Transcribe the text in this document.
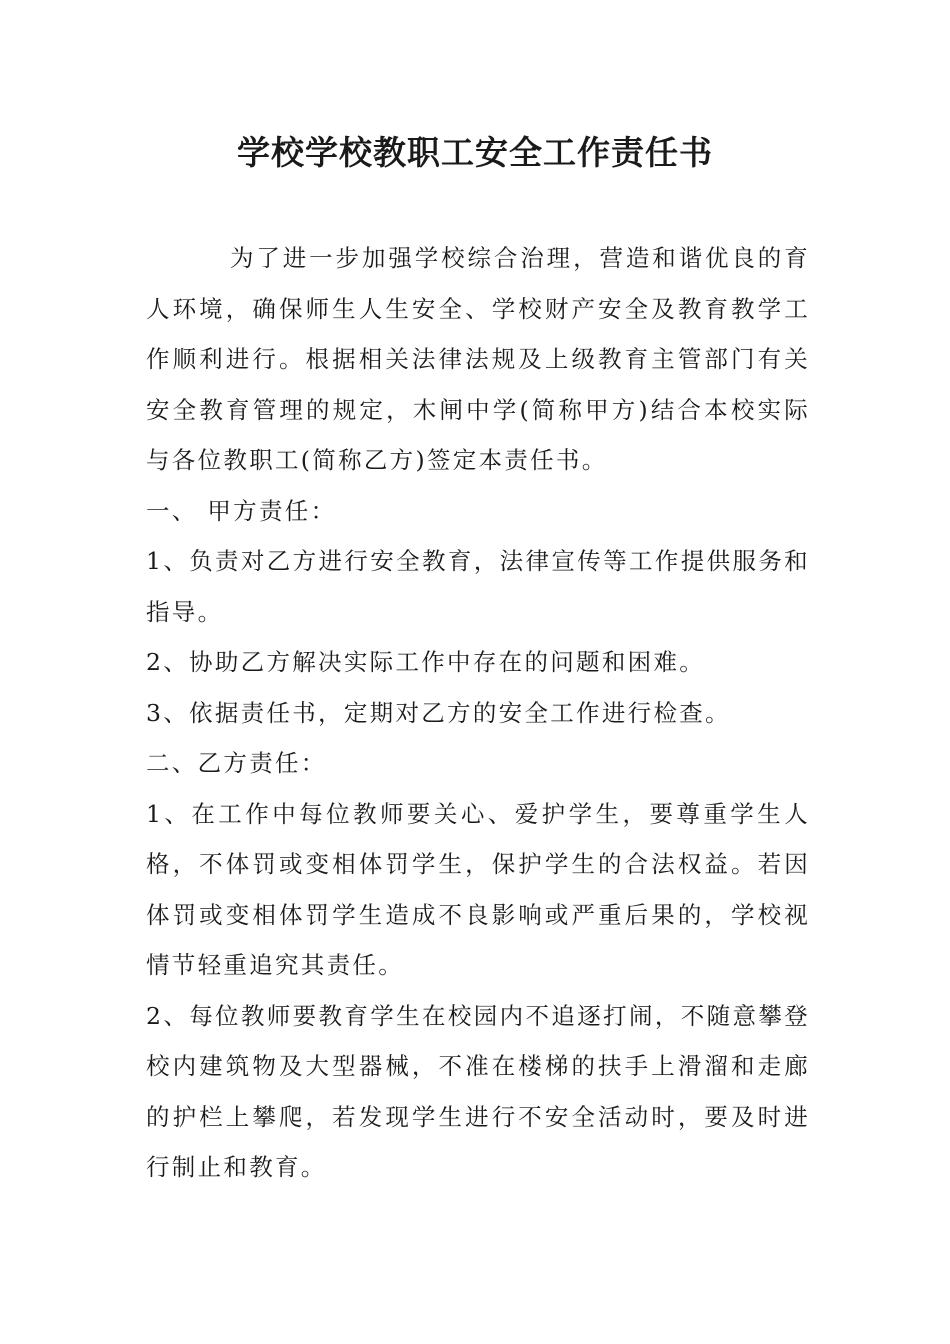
学校学校教职工安全工作责任书

为了进一步加强学校综合治理，营造和谐优良的育人环境，确保师生人生安全、学校财产安全及教育教学工作顺利进行。根据相关法律法规及上级教育主管部门有关安全教育管理的规定，木闸中学(简称甲方)结合本校实际与各位教职工(简称乙方)签定本责任书。

一、 甲方责任：

1、负责对乙方进行安全教育，法律宣传等工作提供服务和指导。

2、协助乙方解决实际工作中存在的问题和困难。

3、依据责任书，定期对乙方的安全工作进行检查。

二、乙方责任：

1、在工作中每位教师要关心、爱护学生，要尊重学生人格，不体罚或变相体罚学生，保护学生的合法权益。若因体罚或变相体罚学生造成不良影响或严重后果的，学校视情节轻重追究其责任。

2、每位教师要教育学生在校园内不追逐打闹，不随意攀登校内建筑物及大型器械，不准在楼梯的扶手上滑溜和走廊的护栏上攀爬，若发现学生进行不安全活动时，要及时进行制止和教育。
